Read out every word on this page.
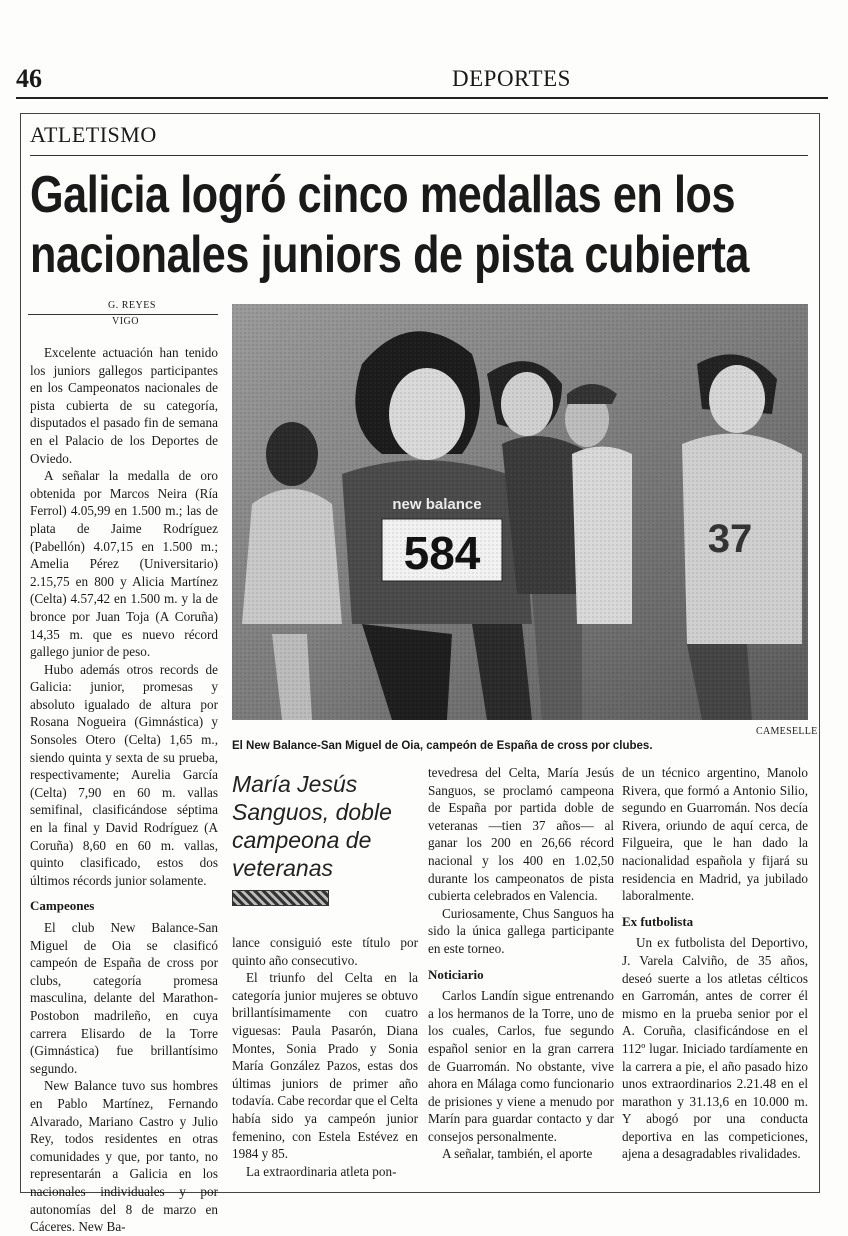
46	DEPORTES
ATLETISMO
Galicia logró cinco medallas en los
nacionales juniors de pista cubierta
G. REYES
VIGO
CAMESELLE
El New Balance-San Miguel de Oia, campeón de España de cross por clubes.

Excelente actuación han tenido los juniors gallegos participantes en los Campeonatos nacionales de pista cubierta de su categoría, disputados el pasado fin de semana en el Palacio de los Deportes de Oviedo.

A señalar la medalla de oro obtenida por Marcos Neira (Ría Ferrol) 4.05,99 en 1.500 m.; las de plata de Jaime Rodríguez (Pabellón) 4.07,15 en 1.500 m.; Amelia Pérez (Universitario) 2.15,75 en 800 y Alicia Martínez (Celta) 4.57,42 en 1.500 m. y la de bronce por Juan Toja (A Coruña) 14,35 m. que es nuevo récord gallego junior de peso.

Hubo además otros records de Galicia: junior, promesas y absoluto igualado de altura por Rosana Nogueira (Gimnástica) y Sonsoles Otero (Celta) 1,65 m., siendo quinta y sexta de su prueba, respectivamente; Aurelia García (Celta) 7,90 en 60 m. vallas semifinal, clasificándose séptima en la final y David Rodríguez (A Coruña) 8,60 en 60 m. vallas, quinto clasificado, estos dos últimos récords junior solamente.

Campeones

El club New Balance-San Miguel de Oia se clasificó campeón de España de cross por clubs, categoría promesa masculina, delante del Marathon-Postobon madrileño, en cuya carrera Elisardo de la Torre (Gimnástica) fue brillantísimo segundo.

New Balance tuvo sus hombres en Pablo Martínez, Fernando Alvarado, Mariano Castro y Julio Rey, todos residentes en otras comunidades y que, por tanto, no representarán a Galicia en los nacionales individuales y por autonomías del 8 de marzo en Cáceres. New Ba-

María Jesús Sanguos, doble campeona de veteranas

lance consiguió este título por quinto año consecutivo.

El triunfo del Celta en la categoría junior mujeres se obtuvo brillantísimamente con cuatro viguesas: Paula Pasarón, Diana Montes, Sonia Prado y Sonia María González Pazos, estas dos últimas juniors de primer año todavía. Cabe recordar que el Celta había sido ya campeón junior femenino, con Estela Estévez en 1984 y 85.

La extraordinaria atleta pon-

tevedresa del Celta, María Jesús Sanguos, se proclamó campeona de España por partida doble de veteranas —tien 37 años— al ganar los 200 en 26,66 récord nacional y los 400 en 1.02,50 durante los campeonatos de pista cubierta celebrados en Valencia.

Curiosamente, Chus Sanguos ha sido la única gallega participante en este torneo.

Noticiario

Carlos Landín sigue entrenando a los hermanos de la Torre, uno de los cuales, Carlos, fue segundo español senior en la gran carrera de Guarromán. No obstante, vive ahora en Málaga como funcionario de prisiones y viene a menudo por Marín para guardar contacto y dar consejos personalmente.

A señalar, también, el aporte

de un técnico argentino, Manolo Rivera, que formó a Antonio Silio, segundo en Guarromán. Nos decía Rivera, oriundo de aquí cerca, de Filgueira, que le han dado la nacionalidad española y fijará su residencia en Madrid, ya jubilado laboralmente.

Ex futbolista

Un ex futbolista del Deportivo, J. Varela Calviño, de 35 años, deseó suerte a los atletas célticos en Garromán, antes de correr él mismo en la prueba senior por el A. Coruña, clasificándose en el 112º lugar. Iniciado tardíamente en la carrera a pie, el año pasado hizo unos extraordinarios 2.21.48 en el marathon y 31.13,6 en 10.000 m. Y abogó por una conducta deportiva en las competiciones, ajena a desagradables rivalidades.
